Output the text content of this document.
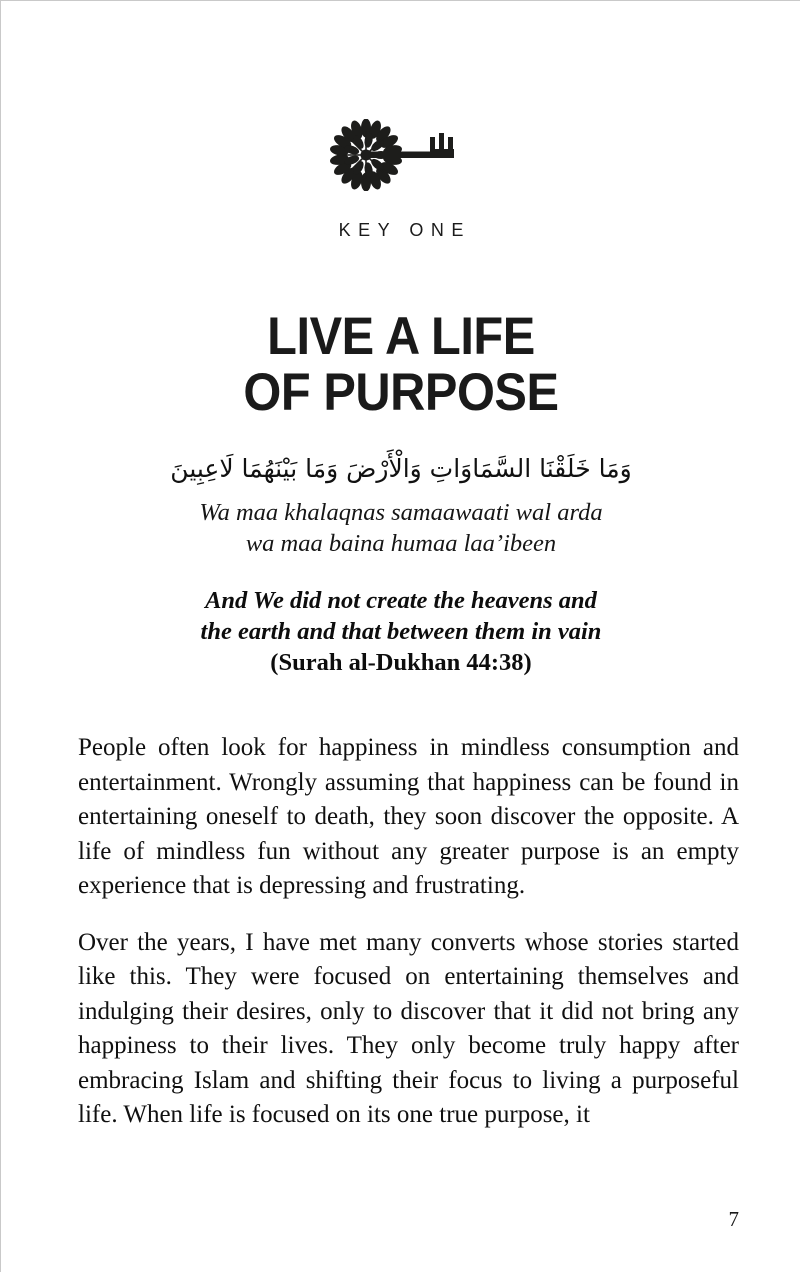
KEY ONE
LIVE A LIFE
OF PURPOSE

وَمَا خَلَقْنَا السَّمَاوَاتِ وَالْأَرْضَ وَمَا بَيْنَهُمَا لَاعِبِينَ

Wa maa khalaqnas samaawaati wal arda
wa maa baina humaa laa’ibeen

And We did not create the heavens and
the earth and that between them in vain
(Surah al-Dukhan 44:38)

People often look for happiness in mindless consumption and entertainment. Wrongly assuming that happiness can be found in entertaining oneself to death, they soon discover the opposite. A life of mindless fun without any greater purpose is an empty experience that is depressing and frustrating.

Over the years, I have met many converts whose stories started like this. They were focused on entertaining themselves and indulging their desires, only to discover that it did not bring any happiness to their lives. They only become truly happy after embracing Islam and shifting their focus to living a purposeful life. When life is focused on its one true purpose, it

7
